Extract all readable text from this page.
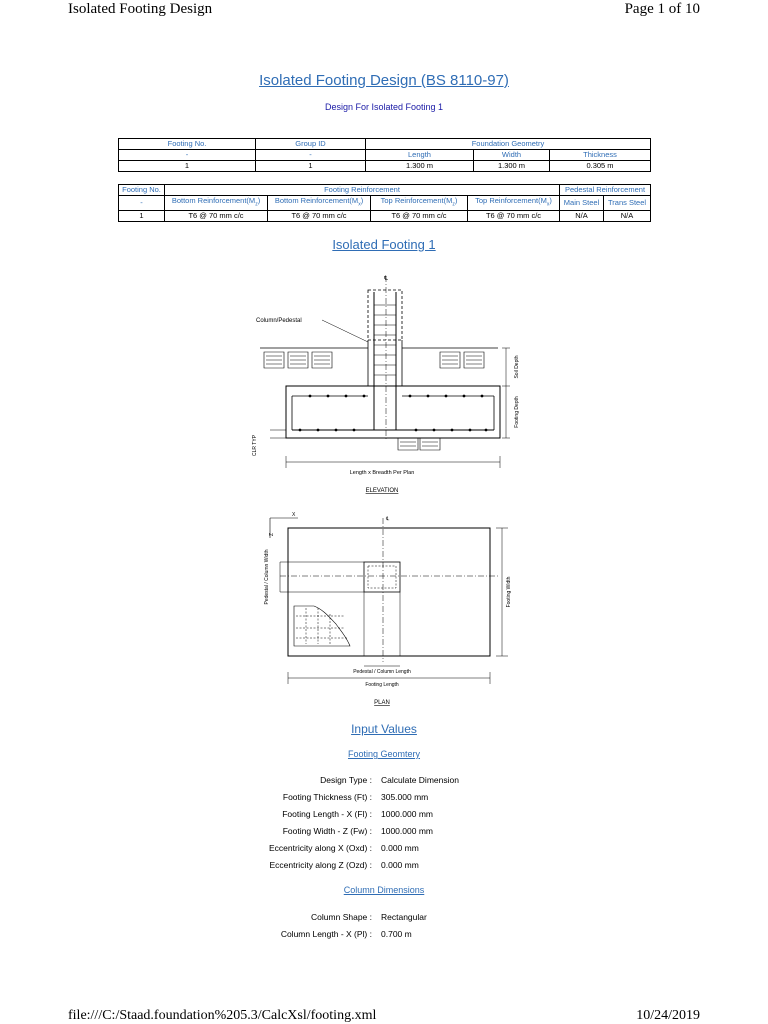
Isolated Footing Design	Page 1 of 10
Isolated Footing Design (BS 8110-97)
Design For Isolated Footing 1
Footing No.	Group ID	Foundation Geometry		
-	-	Length	Width	Thickness
1	1	1.300 m	1.300 m	0.305 m
Footing No.	Footing Reinforcement				Pedestal Reinforcement	
-	Bottom $Reinforcement(M_z)$	Bottom $Reinforcement(M_x)$	Top $Reinforcement(M_z)$	Top $Reinforcement(M_x)$	Main Steel	Trans Steel
1	T6 @ 70 mm c/c	T6 @ 70 mm c/c	T6 @ 70 mm c/c	T6 @ 70 mm c/c	N/A	N/A
Isolated Footing 1
℄
Column/Pedestal
Soil Depth
Footing Depth
CLR TYP
Length x Breadth Per Plan
ELEVATION
X
Z
℄
Pedestal / Column Width	Footing Width
Pedestal / Column Length
Footing Length
PLAN
Input Values
Footing Geomtery
Design Type : Calculate Dimension
Footing Thickness (Ft) : 305.000 mm
Footing Length - X (Fl) : 1000.000 mm
Footing Width - Z (Fw) : 1000.000 mm
Eccentricity along X (Oxd) : 0.000 mm
Eccentricity along Z (Ozd) : 0.000 mm
Column Dimensions
Column Shape : Rectangular
Column Length - X (Pl) : 0.700 m
file:///C:/Staad.foundation%205.3/CalcXsl/footing.xml	10/24/2019
